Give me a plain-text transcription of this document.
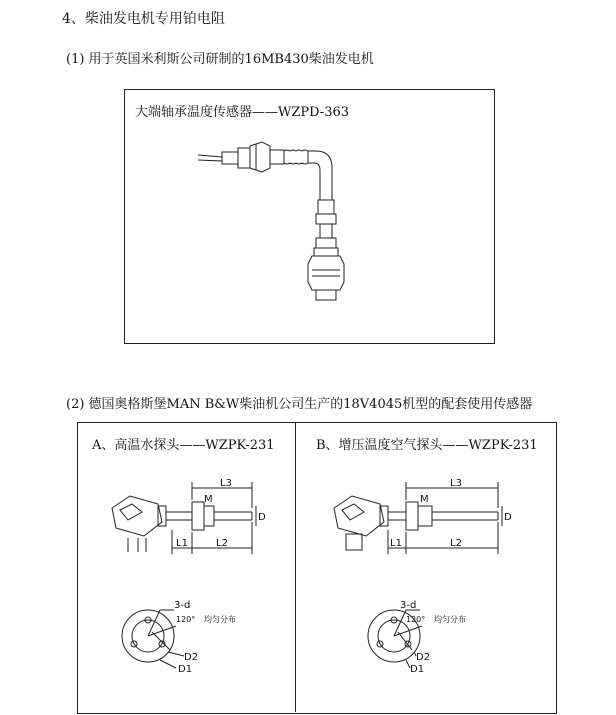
4、柴油发电机专用铂电阻
(1) 用于英国米利斯公司研制的16MB430柴油发电机
大端轴承温度传感器——WZPD-363
(2) 德国奥格斯堡MAN B&W柴油机公司生产的18V4045机型的配套使用传感器
A、高温水探头——WZPK-231	B、增压温度空气探头——WZPK-231
L3
L1	L2
M
D
3-d
120° 均匀分布
D2
D1
L3
L1	L2
M
D
3-d
120° 均匀分布
D2
D1
